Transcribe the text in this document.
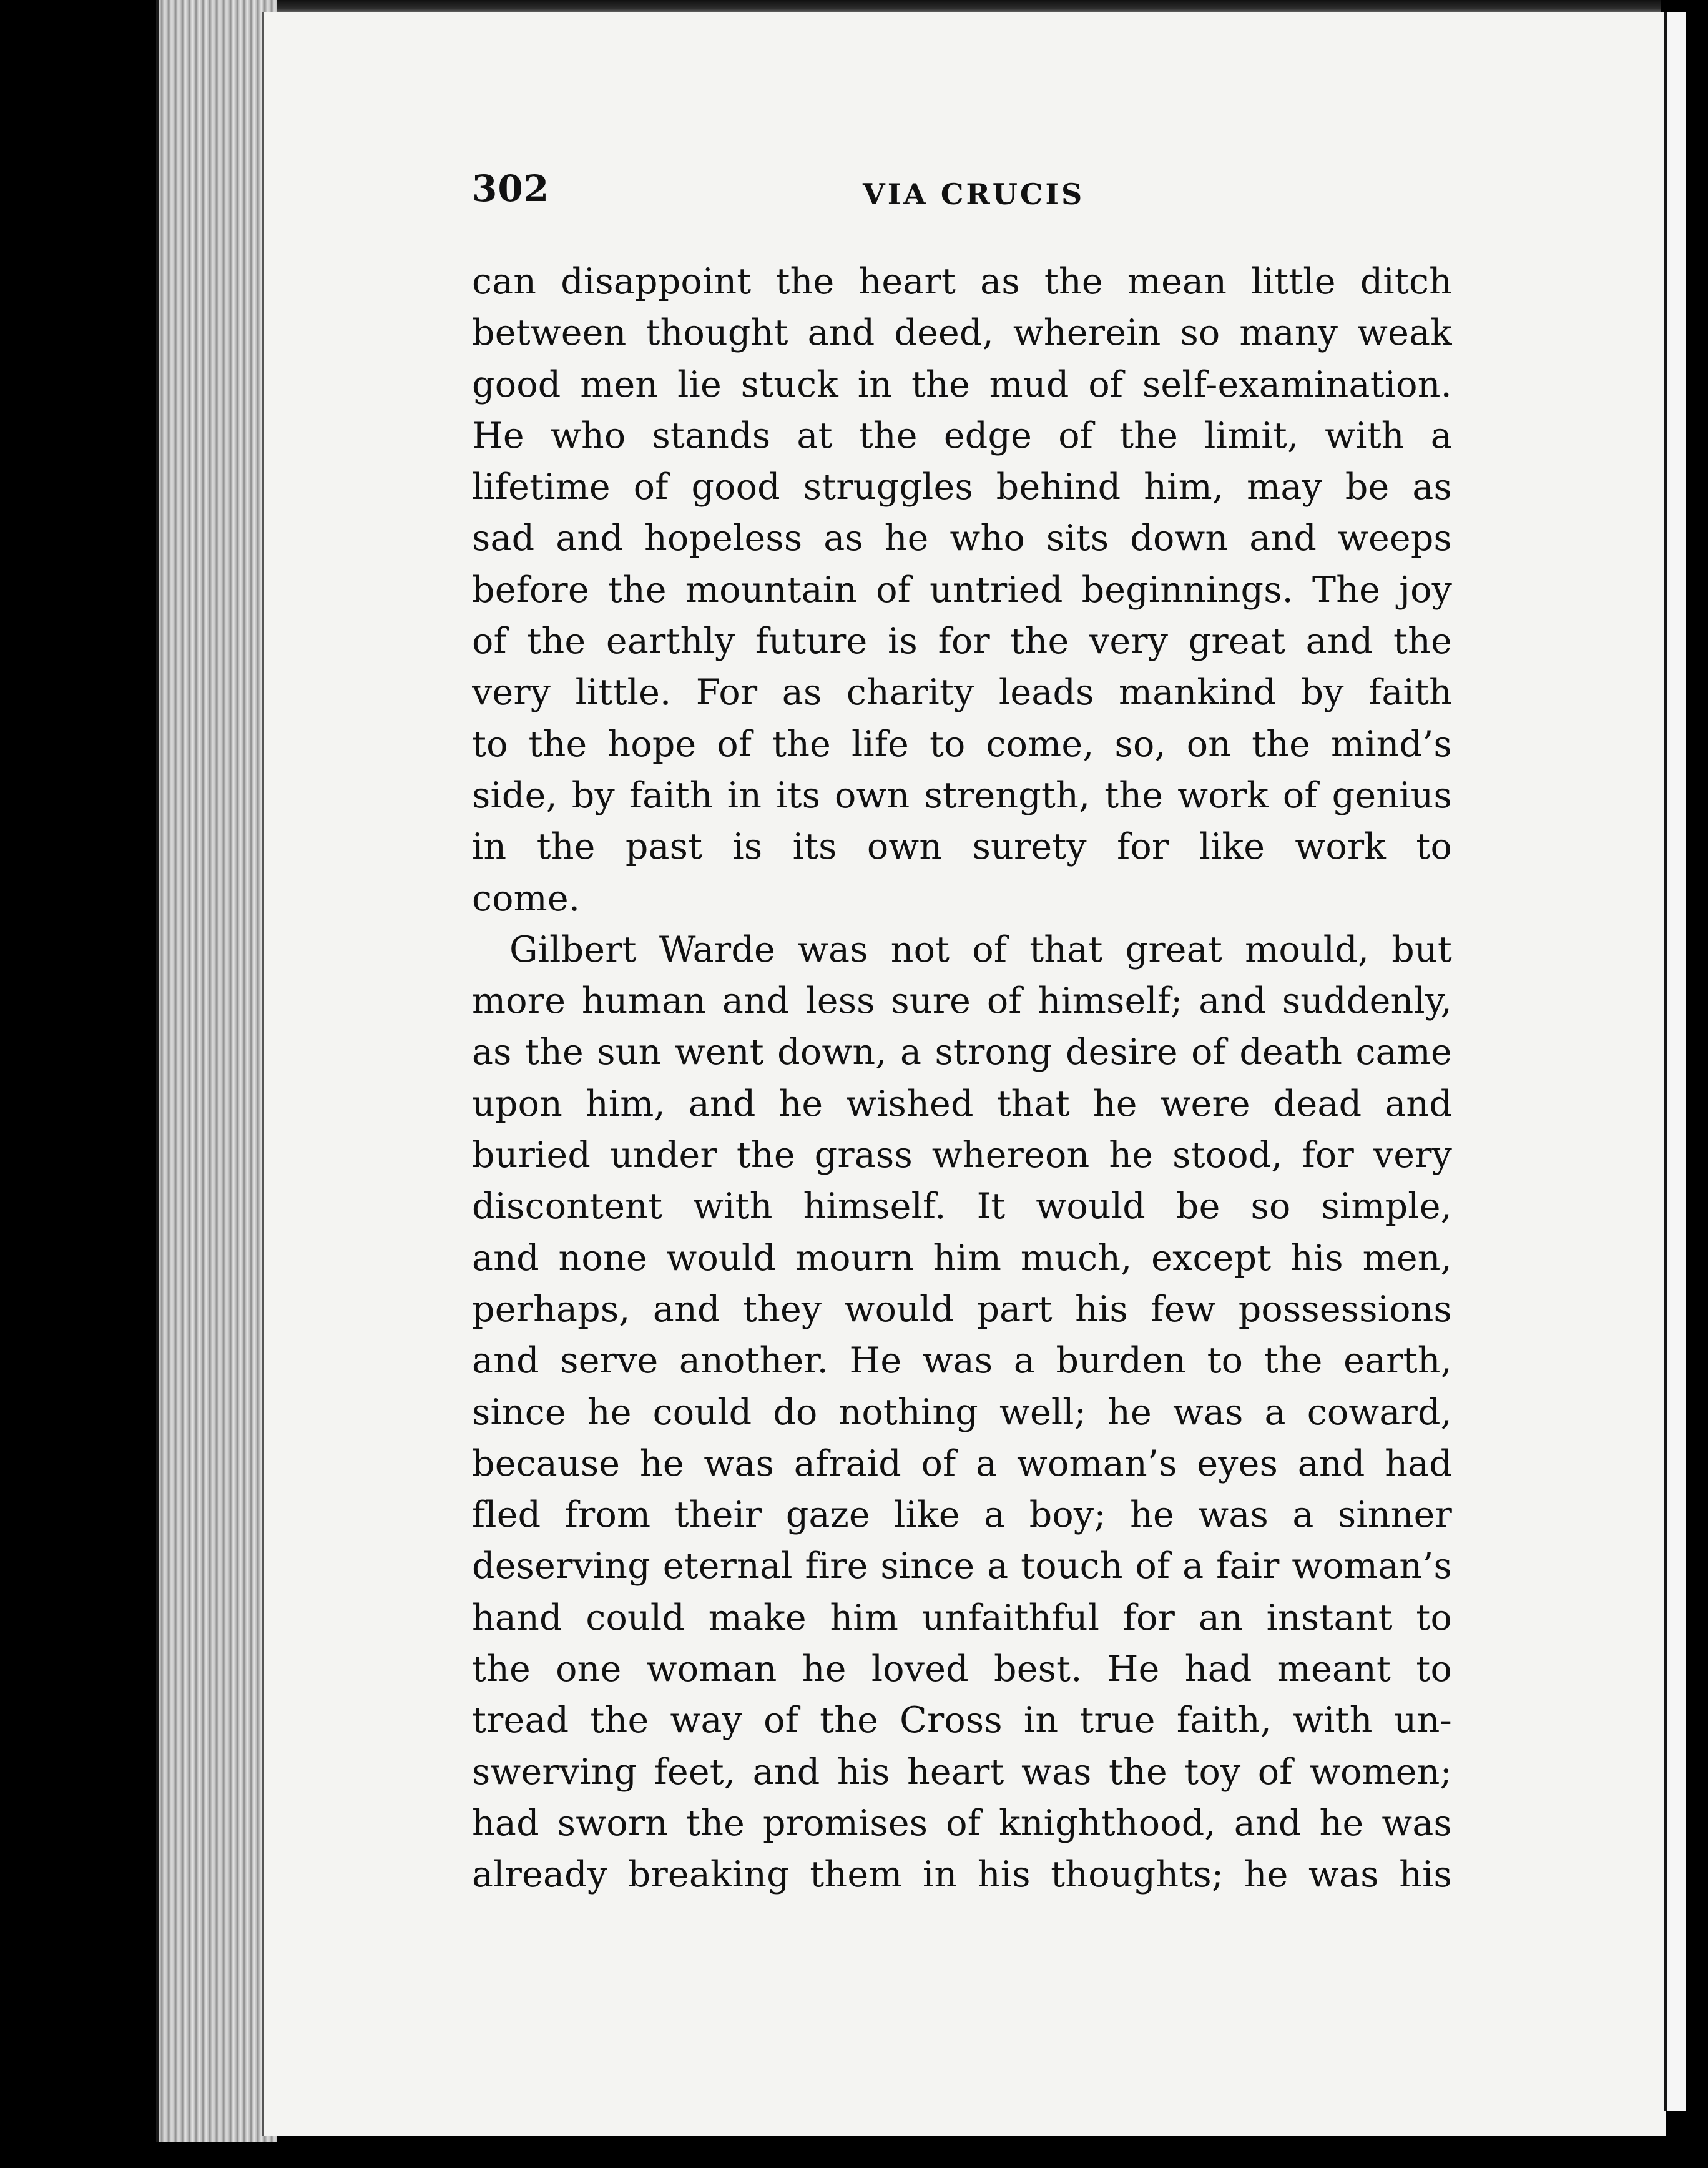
302	VIA CRUCIS
can disappoint the heart as the mean little ditch
between thought and deed, wherein so many weak
good men lie stuck in the mud of self-examination.
He who stands at the edge of the limit, with a
lifetime of good struggles behind him, may be as
sad and hopeless as he who sits down and weeps
before the mountain of untried beginnings. The joy
of the earthly future is for the very great and the
very little. For as charity leads mankind by faith
to the hope of the life to come, so, on the mind’s
side, by faith in its own strength, the work of genius
in the past is its own surety for like work to
come.
Gilbert Warde was not of that great mould, but
more human and less sure of himself; and suddenly,
as the sun went down, a strong desire of death came
upon him, and he wished that he were dead and
buried under the grass whereon he stood, for very
discontent with himself. It would be so simple,
and none would mourn him much, except his men,
perhaps, and they would part his few possessions
and serve another. He was a burden to the earth,
since he could do nothing well; he was a coward,
because he was afraid of a woman’s eyes and had
fled from their gaze like a boy; he was a sinner
deserving eternal fire since a touch of a fair woman’s
hand could make him unfaithful for an instant to
the one woman he loved best. He had meant to
tread the way of the Cross in true faith, with un-
swerving feet, and his heart was the toy of women;
had sworn the promises of knighthood, and he was
already breaking them in his thoughts; he was his
